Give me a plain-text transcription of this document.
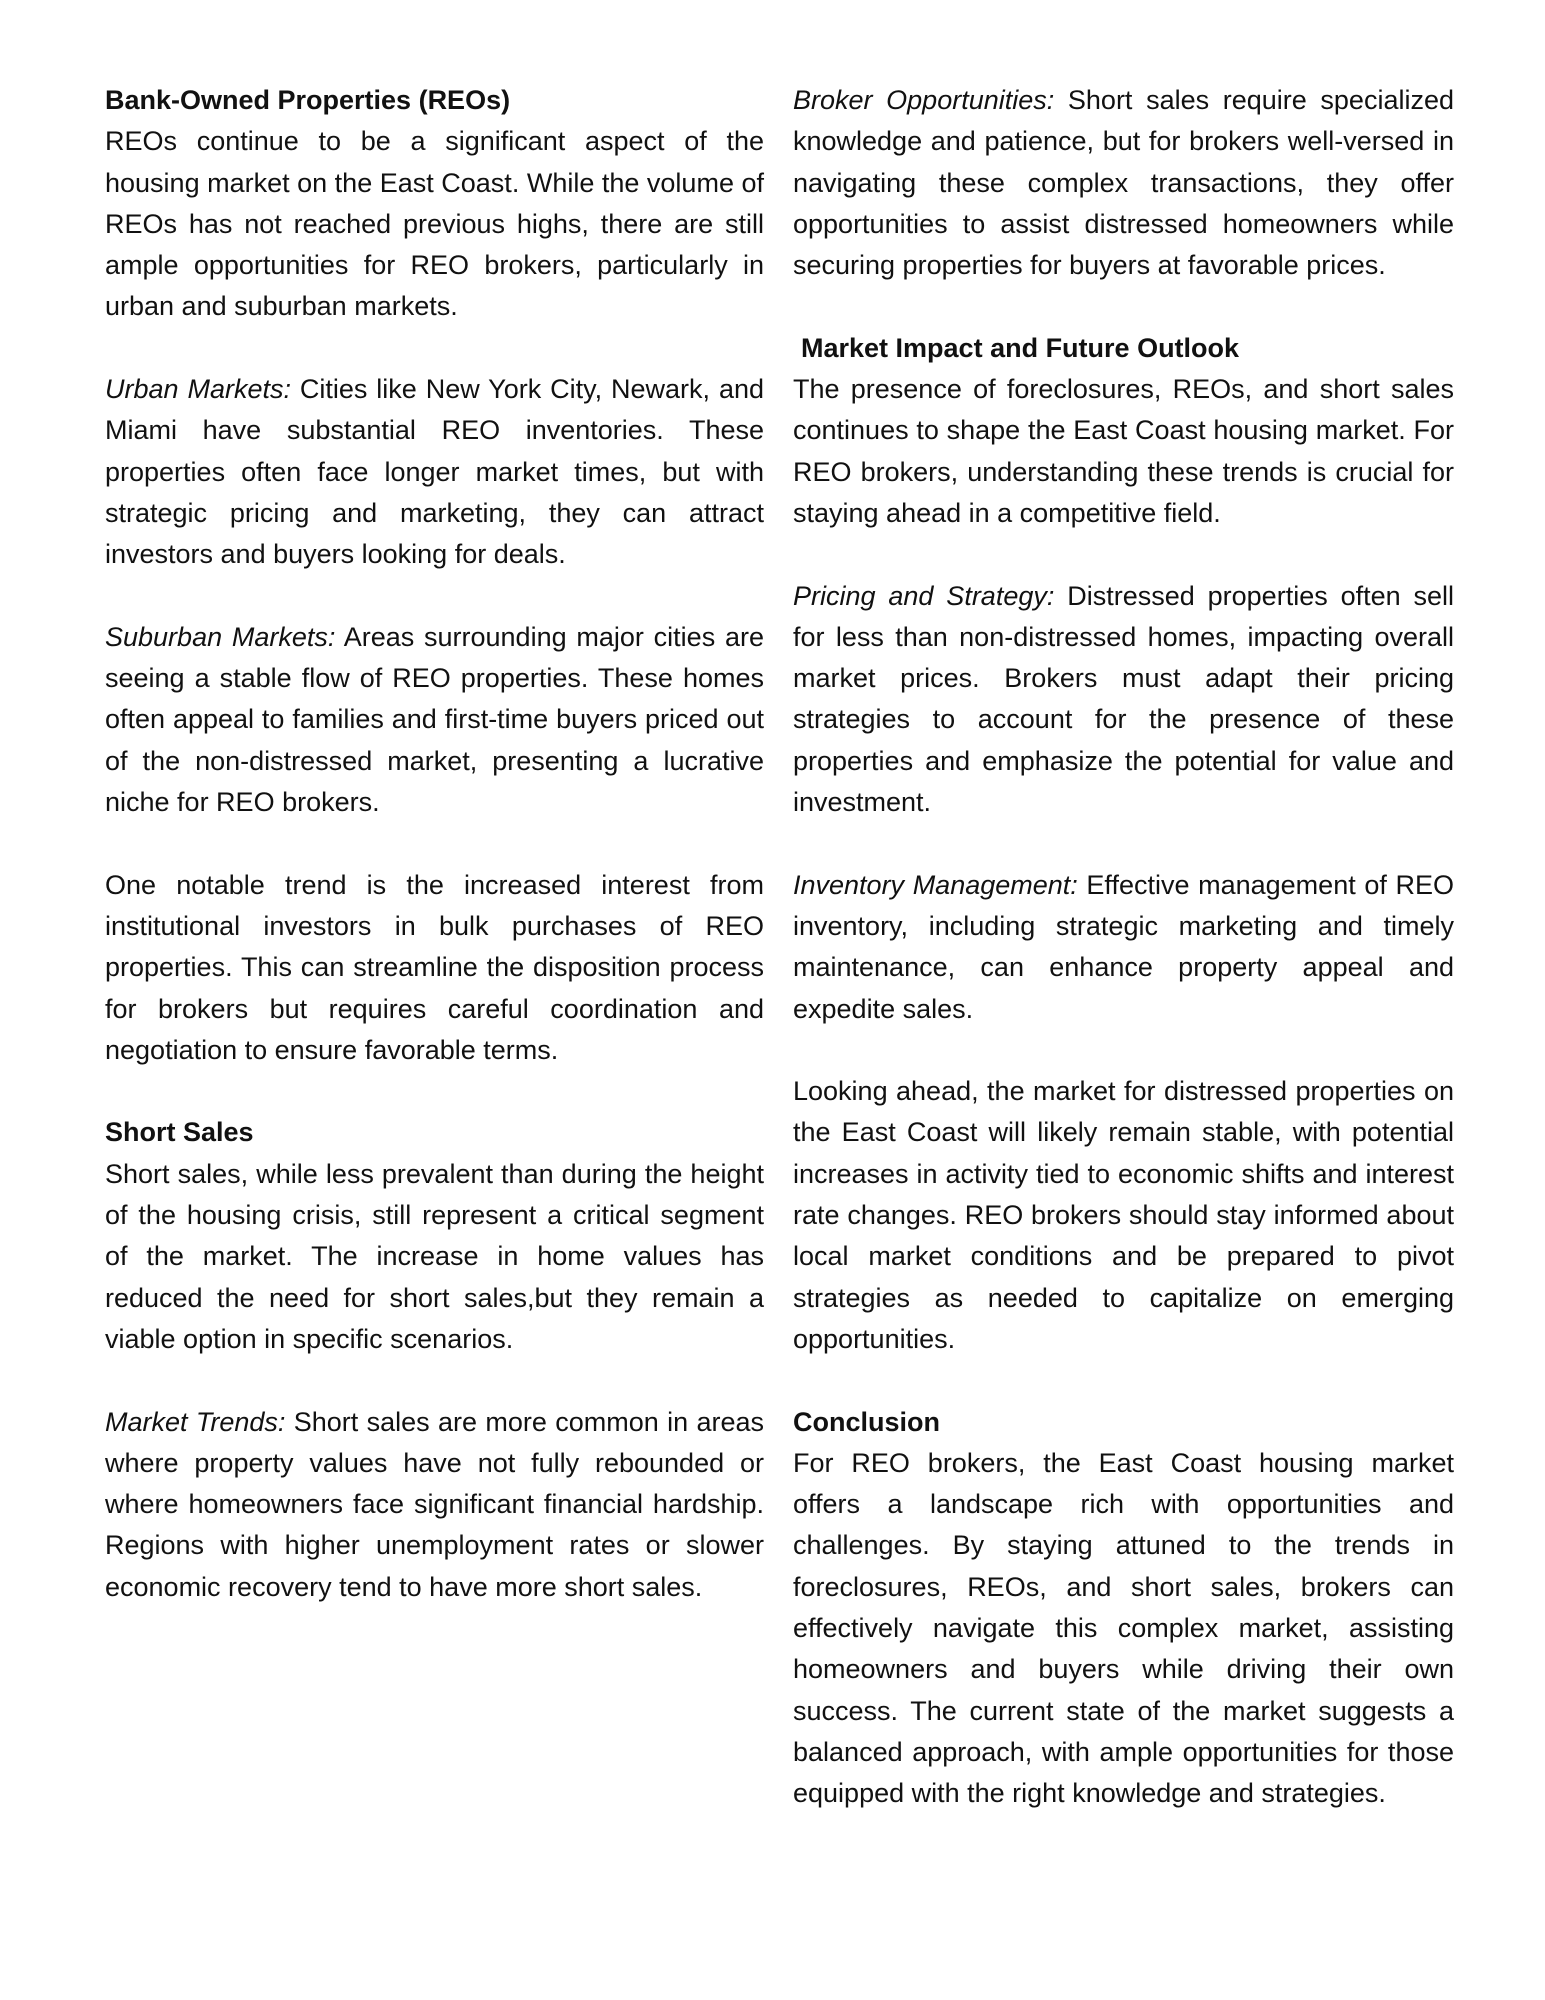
Bank-Owned Properties (REOs)

REOs continue to be a significant aspect of the housing market on the East Coast. While the volume of REOs has not reached previous highs, there are still ample opportunities for REO brokers, particularly in urban and suburban markets.

Urban Markets: Cities like New York City, Newark, and Miami have substantial REO inventories. These properties often face longer market times, but with strategic pricing and marketing, they can attract investors and buyers looking for deals.

Suburban Markets: Areas surrounding major cities are seeing a stable flow of REO properties. These homes often appeal to families and first-time buyers priced out of the non-distressed market, presenting a lucrative niche for REO brokers.

One notable trend is the increased interest from institutional investors in bulk purchases of REO properties. This can streamline the disposition process for brokers but requires careful coordination and negotiation to ensure favorable terms.

Short Sales

Short sales, while less prevalent than during the height of the housing crisis, still represent a critical segment of the market. The increase in home values has reduced the need for short sales,but they remain a viable option in specific scenarios.

Market Trends: Short sales are more common in areas where property values have not fully rebounded or where homeowners face significant financial hardship. Regions with higher unemployment rates or slower economic recovery tend to have more short sales.

Broker Opportunities: Short sales require specialized knowledge and patience, but for brokers well-versed in navigating these complex transactions, they offer opportunities to assist distressed homeowners while securing properties for buyers at favorable prices.

Market Impact and Future Outlook

The presence of foreclosures, REOs, and short sales continues to shape the East Coast housing market. For REO brokers, understanding these trends is crucial for staying ahead in a competitive field.

Pricing and Strategy: Distressed properties often sell for less than non-distressed homes, impacting overall market prices. Brokers must adapt their pricing strategies to account for the presence of these properties and emphasize the potential for value and investment.

Inventory Management: Effective management of REO inventory, including strategic marketing and timely maintenance, can enhance property appeal and expedite sales.

Looking ahead, the market for distressed properties on the East Coast will likely remain stable, with potential increases in activity tied to economic shifts and interest rate changes. REO brokers should stay informed about local market conditions and be prepared to pivot strategies as needed to capitalize on emerging opportunities.

Conclusion

For REO brokers, the East Coast housing market offers a landscape rich with opportunities and challenges. By staying attuned to the trends in foreclosures, REOs, and short sales, brokers can effectively navigate this complex market, assisting homeowners and buyers while driving their own success. The current state of the market suggests a balanced approach, with ample opportunities for those equipped with the right knowledge and strategies.
